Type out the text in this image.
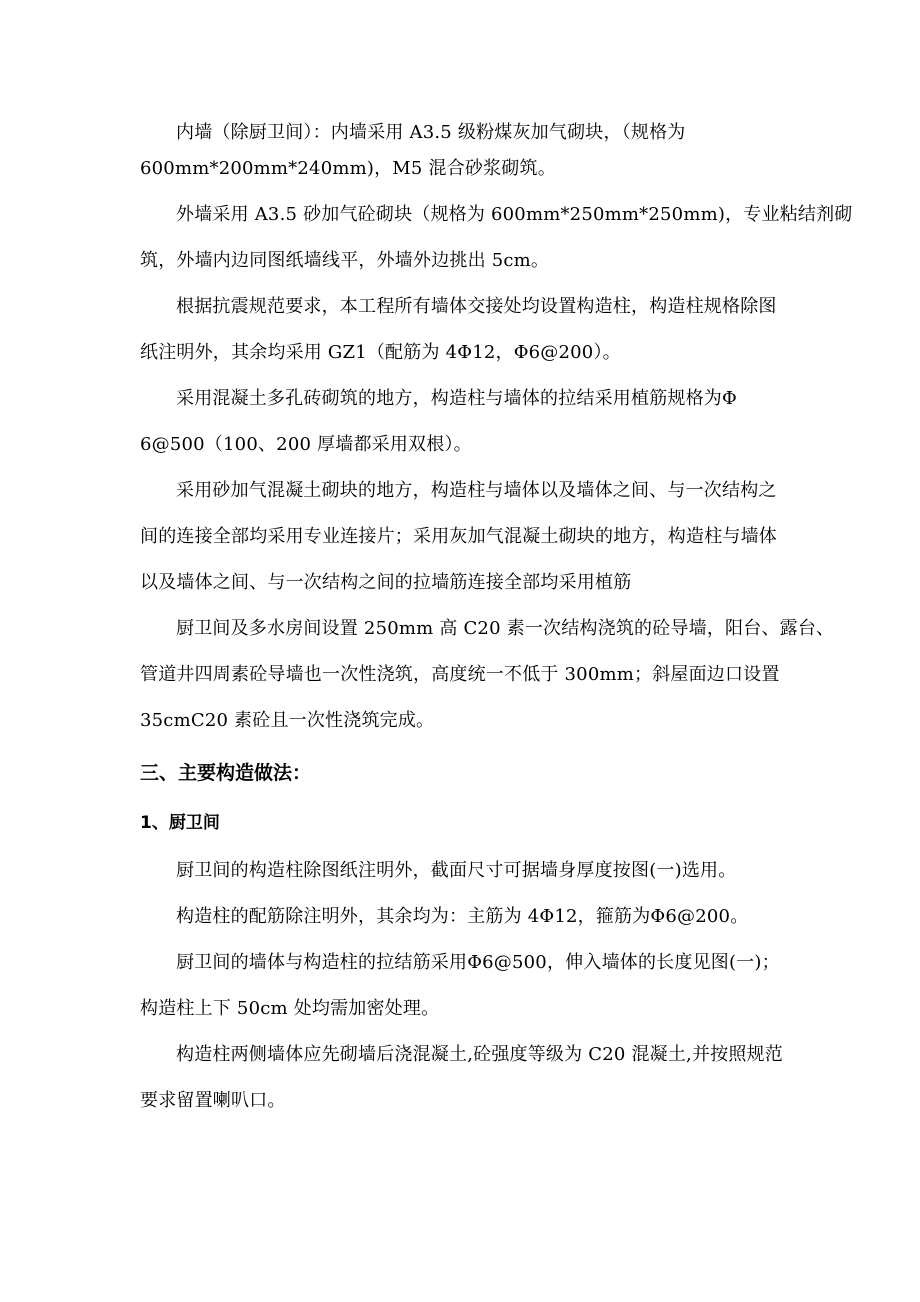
内墙（除厨卫间）：内墙采用 A3.5 级粉煤灰加气砌块，（规格为
600mm*200mm*240mm)，M5 混合砂浆砌筑。

外墙采用 A3.5 砂加气砼砌块（规格为 600mm*250mm*250mm)，专业粘结剂砌
筑，外墙内边同图纸墙线平，外墙外边挑出 5cm。

根据抗震规范要求，本工程所有墙体交接处均设置构造柱，构造柱规格除图
纸注明外，其余均采用 GZ1（配筋为 4Φ12，Φ6@200）。

采用混凝土多孔砖砌筑的地方，构造柱与墙体的拉结采用植筋规格为Φ
6@500（100、200 厚墙都采用双根）。

采用砂加气混凝土砌块的地方，构造柱与墙体以及墙体之间、与一次结构之
间的连接全部均采用专业连接片；采用灰加气混凝土砌块的地方，构造柱与墙体
以及墙体之间、与一次结构之间的拉墙筋连接全部均采用植筋

厨卫间及多水房间设置 250mm 高 C20 素一次结构浇筑的砼导墙，阳台、露台、
管道井四周素砼导墙也一次性浇筑，高度统一不低于 300mm；斜屋面边口设置
35cmC20 素砼且一次性浇筑完成。

三、主要构造做法：
1、厨卫间

厨卫间的构造柱除图纸注明外，截面尺寸可据墙身厚度按图(一)选用。

构造柱的配筋除注明外，其余均为：主筋为 4Φ12，箍筋为Φ6@200。

厨卫间的墙体与构造柱的拉结筋采用Φ6@500，伸入墙体的长度见图(一)；
构造柱上下 50cm 处均需加密处理。

构造柱两侧墙体应先砌墙后浇混凝土,砼强度等级为 C20 混凝土,并按照规范
要求留置喇叭口。
